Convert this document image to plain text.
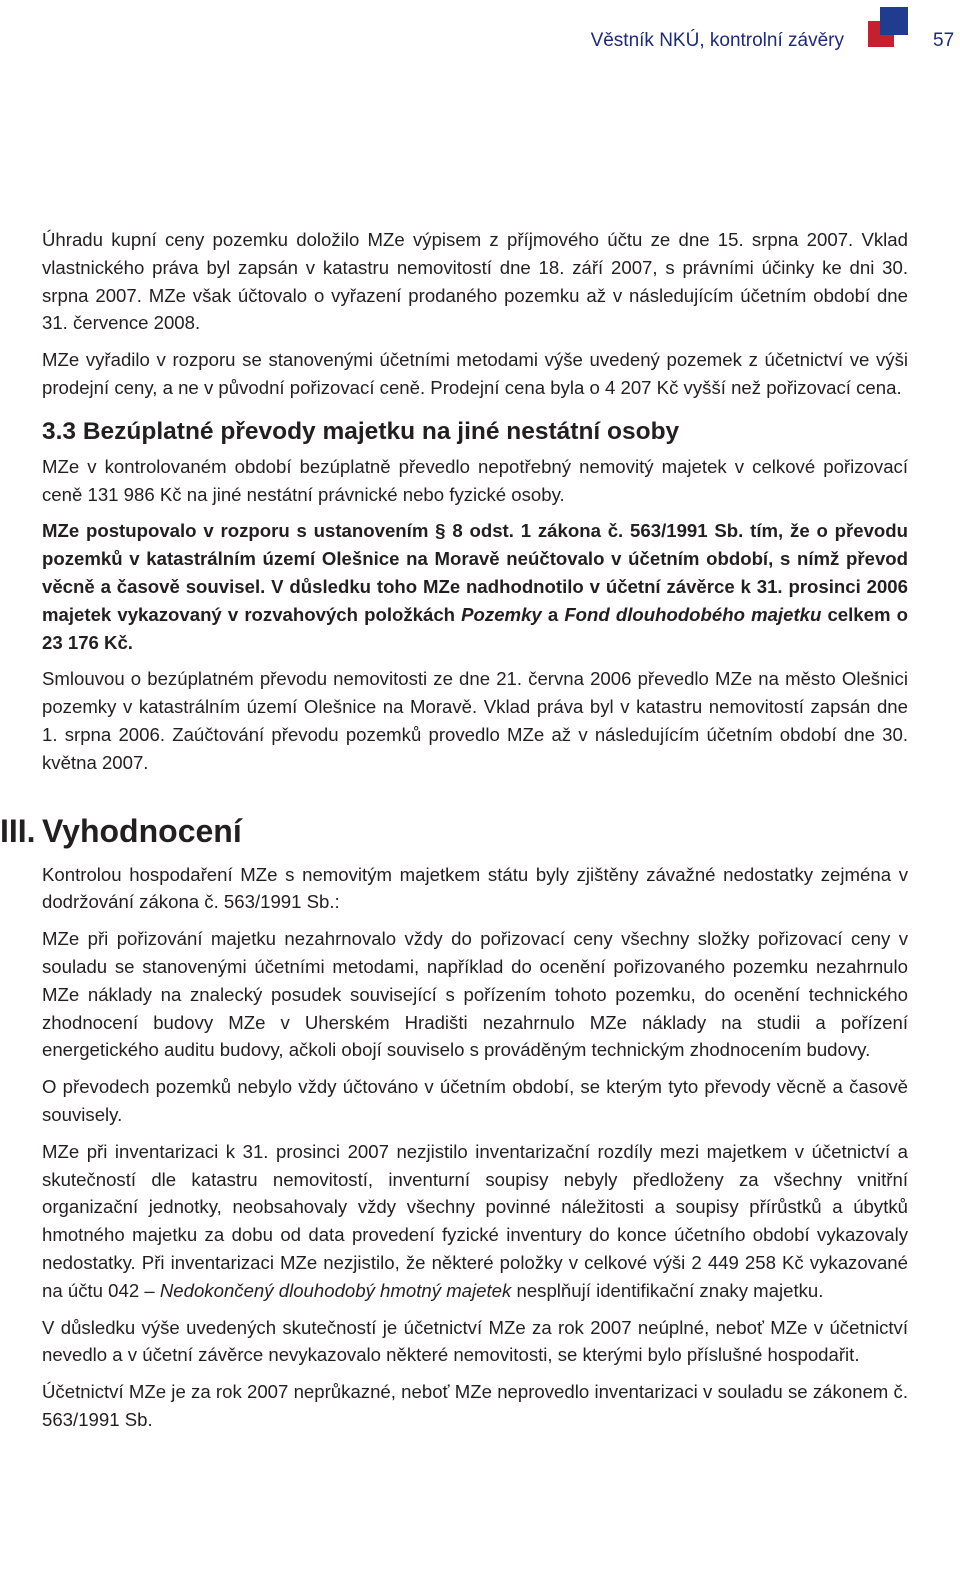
Věstník NKÚ, kontrolní závěry	57

Úhradu kupní ceny pozemku doložilo MZe výpisem z příjmového účtu ze dne 15. srpna 2007. Vklad vlastnického práva byl zapsán v katastru nemovitostí dne 18. září 2007, s právními účinky ke dni 30. srpna 2007. MZe však účtovalo o vyřazení prodaného pozemku až v následujícím účetním období dne 31. července 2008.

MZe vyřadilo v rozporu se stanovenými účetními metodami výše uvedený pozemek z účetnictví ve výši prodejní ceny, a ne v původní pořizovací ceně. Prodejní cena byla o 4 207 Kč vyšší než pořizovací cena.

3.3 Bezúplatné převody majetku na jiné nestátní osoby

MZe v kontrolovaném období bezúplatně převedlo nepotřebný nemovitý majetek v celkové pořizovací ceně 131 986 Kč na jiné nestátní právnické nebo fyzické osoby.

MZe postupovalo v rozporu s ustanovením § 8 odst. 1 zákona č. 563/1991 Sb. tím, že o převodu pozemků v katastrálním území Olešnice na Moravě neúčtovalo v účetním období, s nímž převod věcně a časově souvisel. V důsledku toho MZe nadhodnotilo v účetní závěrce k 31. prosinci 2006 majetek vykazovaný v rozvahových položkách Pozemky a Fond dlouhodobého majetku celkem o 23 176 Kč.

Smlouvou o bezúplatném převodu nemovitosti ze dne 21. června 2006 převedlo MZe na město Olešnici pozemky v katastrálním území Olešnice na Moravě. Vklad práva byl v katastru nemovitostí zapsán dne 1. srpna 2006. Zaúčtování převodu pozemků provedlo MZe až v následujícím účetním období dne 30. května 2007.

III. Vyhodnocení

Kontrolou hospodaření MZe s nemovitým majetkem státu byly zjištěny závažné nedostatky zejména v dodržování zákona č. 563/1991 Sb.:

MZe při pořizování majetku nezahrnovalo vždy do pořizovací ceny všechny složky pořizovací ceny v souladu se stanovenými účetními metodami, například do ocenění pořizovaného pozemku nezahrnulo MZe náklady na znalecký posudek související s pořízením tohoto pozemku, do ocenění technického zhodnocení budovy MZe v Uherském Hradišti nezahrnulo MZe náklady na studii a pořízení energetického auditu budovy, ačkoli obojí souviselo s prováděným technickým zhodnocením budovy.

O převodech pozemků nebylo vždy účtováno v účetním období, se kterým tyto převody věcně a časově souvisely.

MZe při inventarizaci k 31. prosinci 2007 nezjistilo inventarizační rozdíly mezi majetkem v účetnictví a skutečností dle katastru nemovitostí, inventurní soupisy nebyly předloženy za všechny vnitřní organizační jednotky, neobsahovaly vždy všechny povinné náležitosti a soupisy přírůstků a úbytků hmotného majetku za dobu od data provedení fyzické inventury do konce účetního období vykazovaly nedostatky. Při inventarizaci MZe nezjistilo, že některé položky v celkové výši 2 449 258 Kč vykazované na účtu 042 – Nedokončený dlouhodobý hmotný majetek nesplňují identifikační znaky majetku.

V důsledku výše uvedených skutečností je účetnictví MZe za rok 2007 neúplné, neboť MZe v účetnictví nevedlo a v účetní závěrce nevykazovalo některé nemovitosti, se kterými bylo příslušné hospodařit.

Účetnictví MZe je za rok 2007 neprůkazné, neboť MZe neprovedlo inventarizaci v souladu se zákonem č. 563/1991 Sb.
